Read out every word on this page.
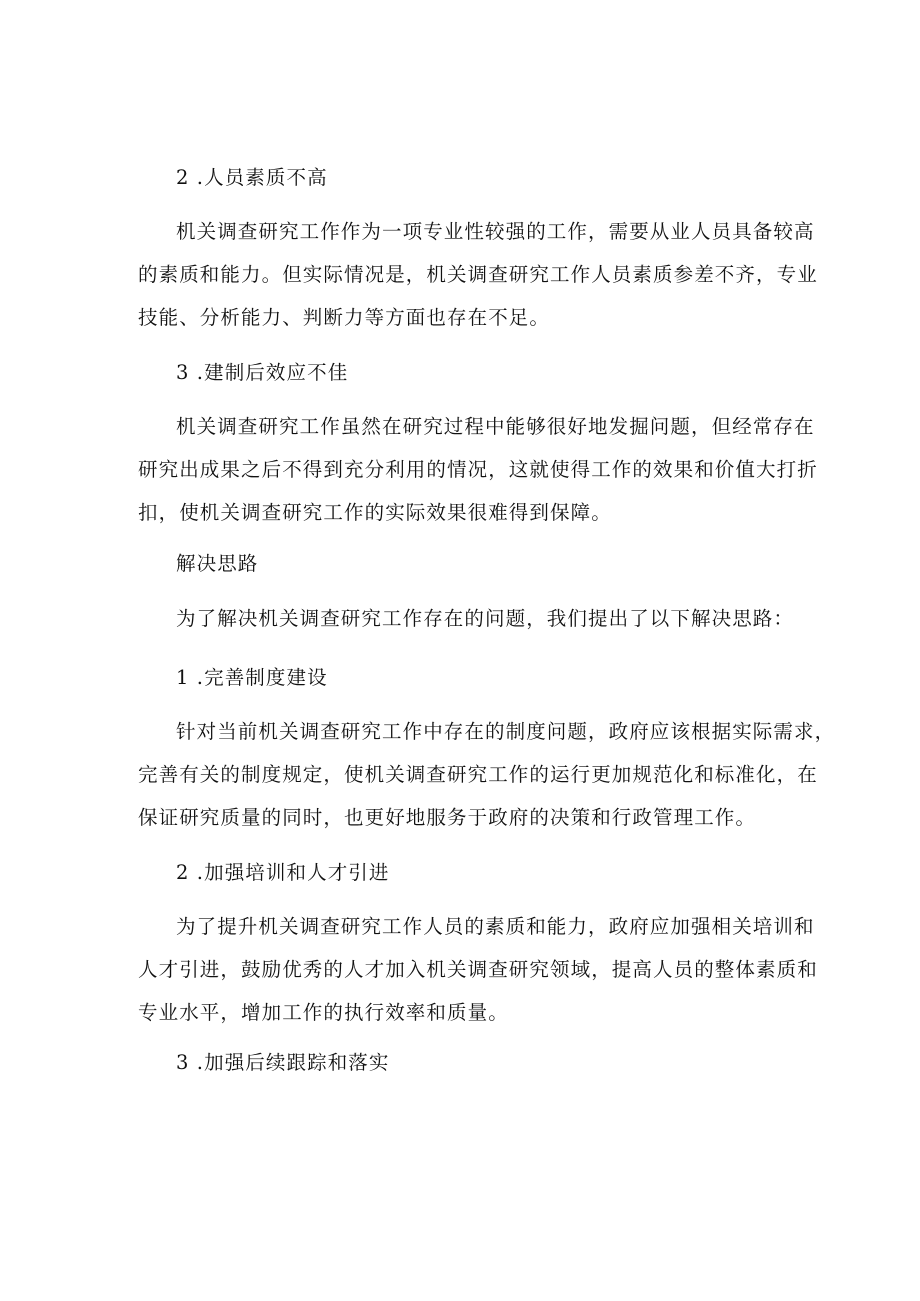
2 .人员素质不高
机关调查研究工作作为一项专业性较强的工作，需要从业人员具备较高
的素质和能力。但实际情况是，机关调查研究工作人员素质参差不齐，专业
技能、分析能力、判断力等方面也存在不足。
3 .建制后效应不佳
机关调查研究工作虽然在研究过程中能够很好地发掘问题，但经常存在
研究出成果之后不得到充分利用的情况，这就使得工作的效果和价值大打折
扣，使机关调查研究工作的实际效果很难得到保障。
解决思路
为了解决机关调查研究工作存在的问题，我们提出了以下解决思路：
1 .完善制度建设
针对当前机关调查研究工作中存在的制度问题，政府应该根据实际需求，
完善有关的制度规定，使机关调查研究工作的运行更加规范化和标准化，在
保证研究质量的同时，也更好地服务于政府的决策和行政管理工作。
2 .加强培训和人才引进
为了提升机关调查研究工作人员的素质和能力，政府应加强相关培训和
人才引进，鼓励优秀的人才加入机关调查研究领域，提高人员的整体素质和
专业水平，增加工作的执行效率和质量。
3 .加强后续跟踪和落实
